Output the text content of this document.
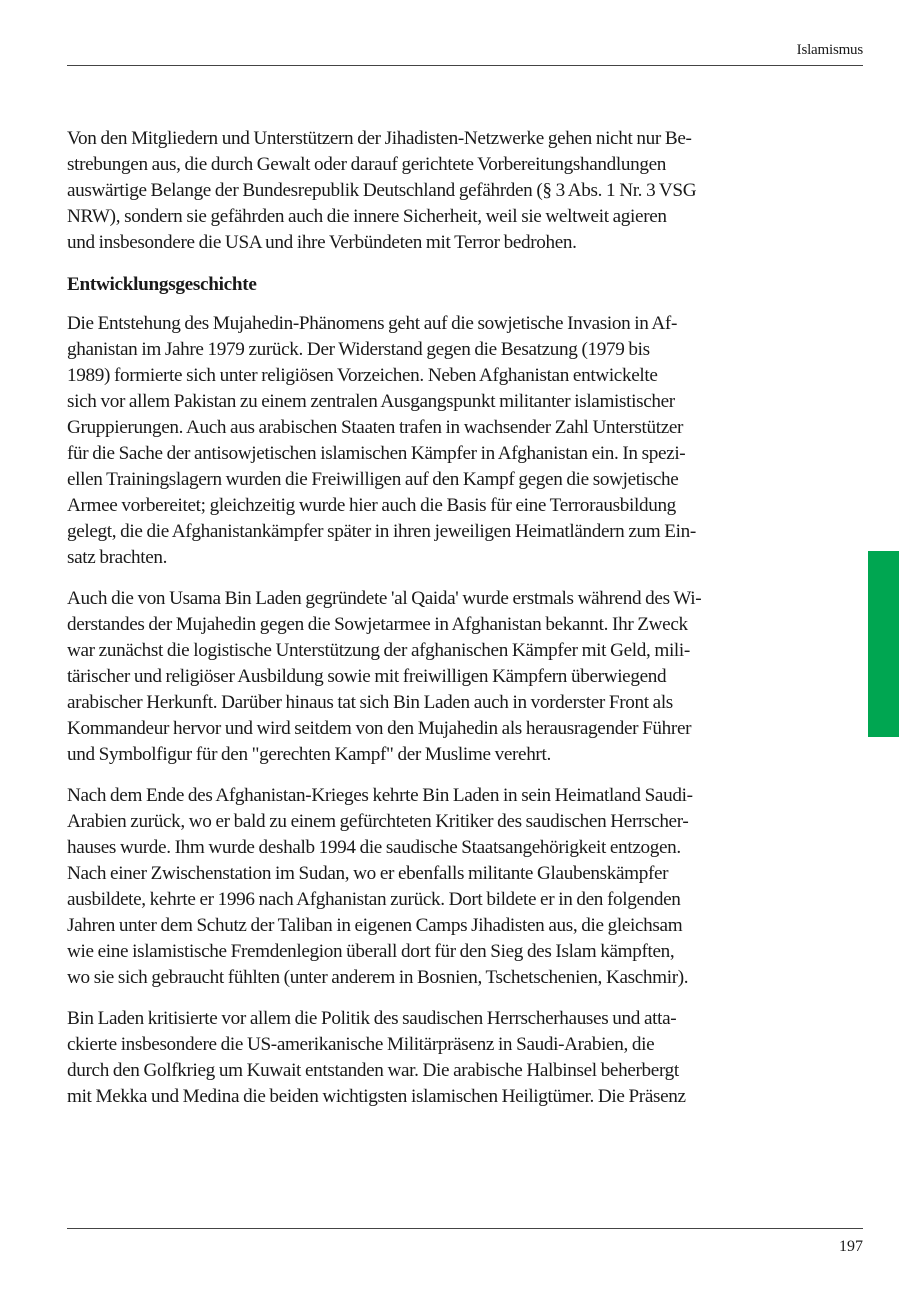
Islamismus

Von den Mitgliedern und Unterstützern der Jihadisten-Netzwerke gehen nicht nur Be-
strebungen aus, die durch Gewalt oder darauf gerichtete Vorbereitungshandlungen
auswärtige Belange der Bundesrepublik Deutschland gefährden (§ 3 Abs. 1 Nr. 3 VSG
NRW), sondern sie gefährden auch die innere Sicherheit, weil sie weltweit agieren
und insbesondere die USA und ihre Verbündeten mit Terror bedrohen.

Entwicklungsgeschichte

Die Entstehung des Mujahedin-Phänomens geht auf die sowjetische Invasion in Af-
ghanistan im Jahre 1979 zurück. Der Widerstand gegen die Besatzung (1979 bis
1989) formierte sich unter religiösen Vorzeichen. Neben Afghanistan entwickelte
sich vor allem Pakistan zu einem zentralen Ausgangspunkt militanter islamistischer
Gruppierungen. Auch aus arabischen Staaten trafen in wachsender Zahl Unterstützer
für die Sache der antisowjetischen islamischen Kämpfer in Afghanistan ein. In spezi-
ellen Trainingslagern wurden die Freiwilligen auf den Kampf gegen die sowjetische
Armee vorbereitet; gleichzeitig wurde hier auch die Basis für eine Terrorausbildung
gelegt, die die Afghanistankämpfer später in ihren jeweiligen Heimatländern zum Ein-
satz brachten.

Auch die von Usama Bin Laden gegründete 'al Qaida' wurde erstmals während des Wi-
derstandes der Mujahedin gegen die Sowjetarmee in Afghanistan bekannt. Ihr Zweck
war zunächst die logistische Unterstützung der afghanischen Kämpfer mit Geld, mili-
tärischer und religiöser Ausbildung sowie mit freiwilligen Kämpfern überwiegend
arabischer Herkunft. Darüber hinaus tat sich Bin Laden auch in vorderster Front als
Kommandeur hervor und wird seitdem von den Mujahedin als herausragender Führer
und Symbolfigur für den "gerechten Kampf" der Muslime verehrt.

Nach dem Ende des Afghanistan-Krieges kehrte Bin Laden in sein Heimatland Saudi-
Arabien zurück, wo er bald zu einem gefürchteten Kritiker des saudischen Herrscher-
hauses wurde. Ihm wurde deshalb 1994 die saudische Staatsangehörigkeit entzogen.
Nach einer Zwischenstation im Sudan, wo er ebenfalls militante Glaubenskämpfer
ausbildete, kehrte er 1996 nach Afghanistan zurück. Dort bildete er in den folgenden
Jahren unter dem Schutz der Taliban in eigenen Camps Jihadisten aus, die gleichsam
wie eine islamistische Fremdenlegion überall dort für den Sieg des Islam kämpften,
wo sie sich gebraucht fühlten (unter anderem in Bosnien, Tschetschenien, Kaschmir).

Bin Laden kritisierte vor allem die Politik des saudischen Herrscherhauses und atta-
ckierte insbesondere die US-amerikanische Militärpräsenz in Saudi-Arabien, die
durch den Golfkrieg um Kuwait entstanden war. Die arabische Halbinsel beherbergt
mit Mekka und Medina die beiden wichtigsten islamischen Heiligtümer. Die Präsenz

197
